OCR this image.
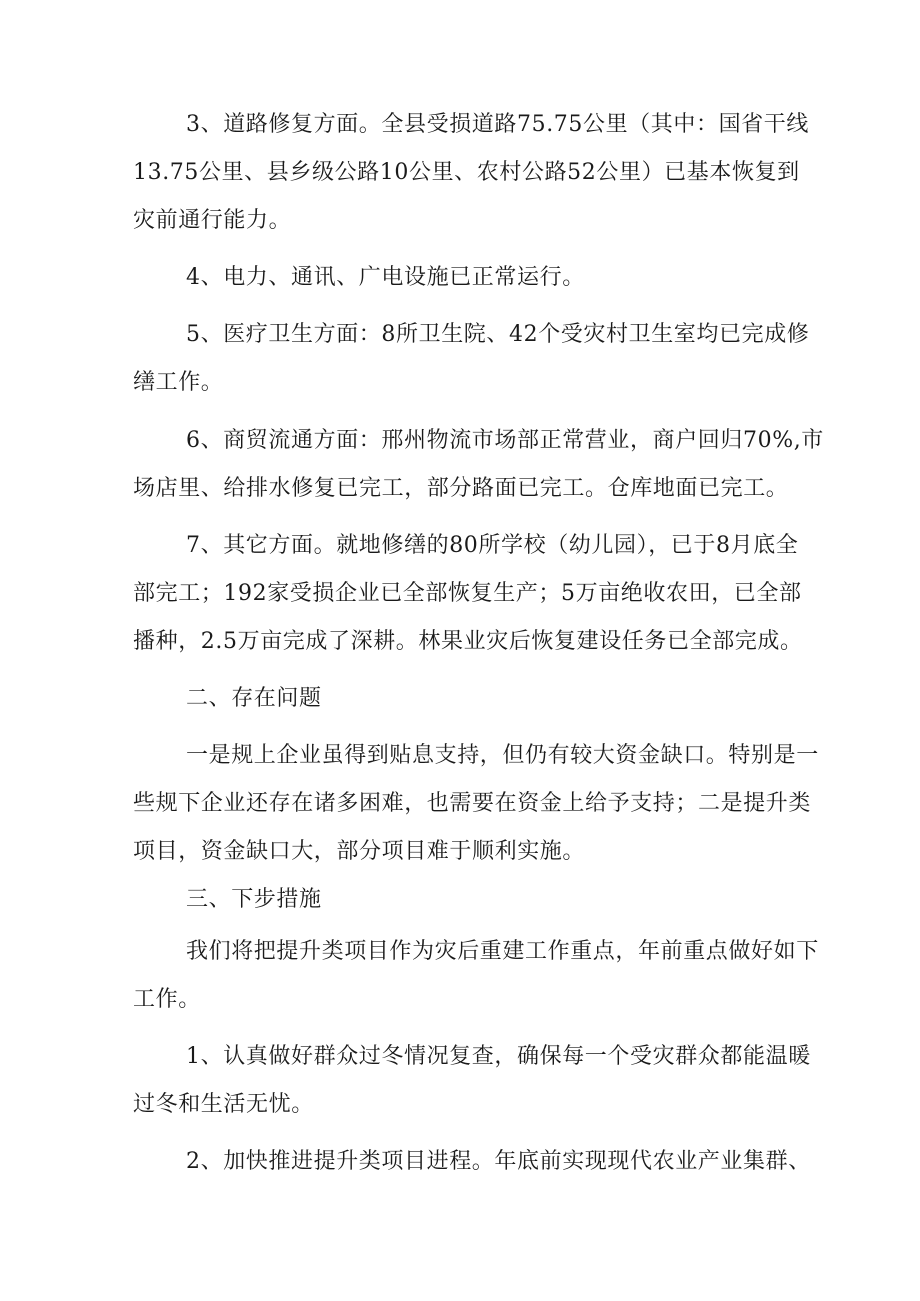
3、道路修复方面。全县受损道路75.75公里（其中：国省干线
13.75公里、县乡级公路10公里、农村公路52公里）已基本恢复到
灾前通行能力。
4、电力、通讯、广电设施已正常运行。
5、医疗卫生方面：8所卫生院、42个受灾村卫生室均已完成修
缮工作。
6、商贸流通方面：邢州物流市场部正常营业，商户回归70%,市
场店里、给排水修复已完工，部分路面已完工。仓库地面已完工。
7、其它方面。就地修缮的80所学校（幼儿园），已于8月底全
部完工；192家受损企业已全部恢复生产；5万亩绝收农田，已全部
播种，2.5万亩完成了深耕。林果业灾后恢复建设任务已全部完成。
二、存在问题
一是规上企业虽得到贴息支持，但仍有较大资金缺口。特别是一
些规下企业还存在诸多困难，也需要在资金上给予支持；二是提升类
项目，资金缺口大，部分项目难于顺利实施。
三、下步措施
我们将把提升类项目作为灾后重建工作重点，年前重点做好如下
工作。
1、认真做好群众过冬情况复查，确保每一个受灾群众都能温暖
过冬和生活无忧。
2、加快推进提升类项目进程。年底前实现现代农业产业集群、
